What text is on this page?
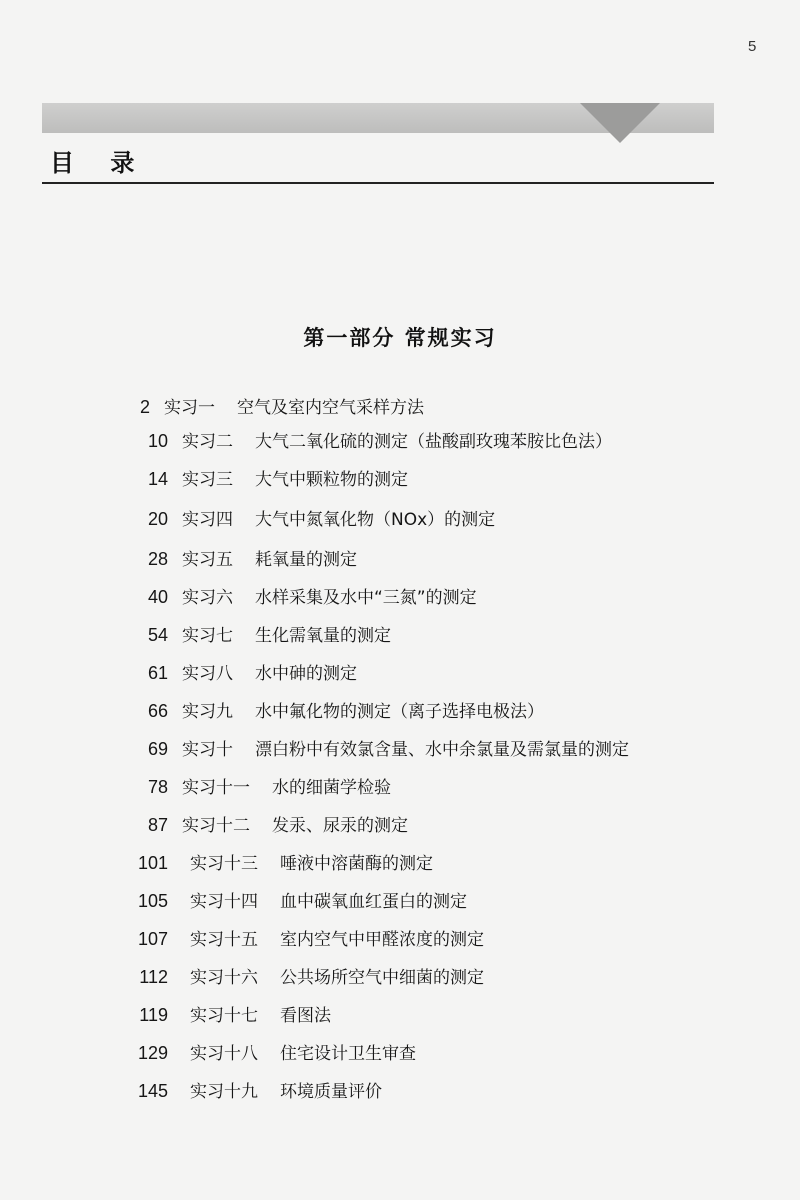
5
目 录
第一部分 常规实习
2 实习一 空气及室内空气采样方法
10 实习二 大气二氧化硫的测定（盐酸副玫瑰苯胺比色法）
14 实习三 大气中颗粒物的测定
20 实习四 大气中氮氧化物（NOx）的测定
28 实习五 耗氧量的测定
40 实习六 水样采集及水中“三氮”的测定
54 实习七 生化需氧量的测定
61 实习八 水中砷的测定
66 实习九 水中氟化物的测定（离子选择电极法）
69 实习十 漂白粉中有效氯含量、水中余氯量及需氯量的测定
78 实习十一 水的细菌学检验
87 实习十二 发汞、尿汞的测定
101 实习十三 唾液中溶菌酶的测定
105 实习十四 血中碳氧血红蛋白的测定
107 实习十五 室内空气中甲醛浓度的测定
112 实习十六 公共场所空气中细菌的测定
119 实习十七 看图法
129 实习十八 住宅设计卫生审查
145 实习十九 环境质量评价
